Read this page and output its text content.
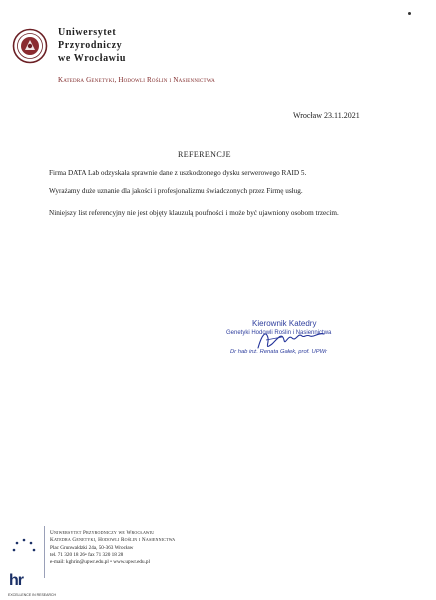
Uniwersytet
Przyrodniczy
we Wrocławiu
Katedra Genetyki, Hodowli Roślin i Nasiennictwa
Wrocław 23.11.2021
REFERENCJE
Firma DATA Lab odzyskała sprawnie dane z uszkodzonego dysku serwerowego RAID 5.
Wyrażamy duże uznanie dla jakości i profesjonalizmu świadczonych przez Firmę usług.
Niniejszy list referencyjny nie jest objęty klauzulą poufności i może być ujawniony osobom trzecim.
Kierownik Katedry
Genetyki Hodowli Roślin i Nasiennictwa
Dr hab inż. Renata Gałek, prof. UPWr
hr
EXCELLENCE IN RESEARCH
Uniwersytet Przyrodniczy we Wrocławiu
Katedra Genetyki, Hodowli Roślin i Nasiennictwa
Plac Grunwaldzki 24a, 50-363 Wrocław
tel. 71 320 18 26• fax 71 320 18 28
e-mail: kghrin@upwr.edu.pl • www.upwr.edu.pl
